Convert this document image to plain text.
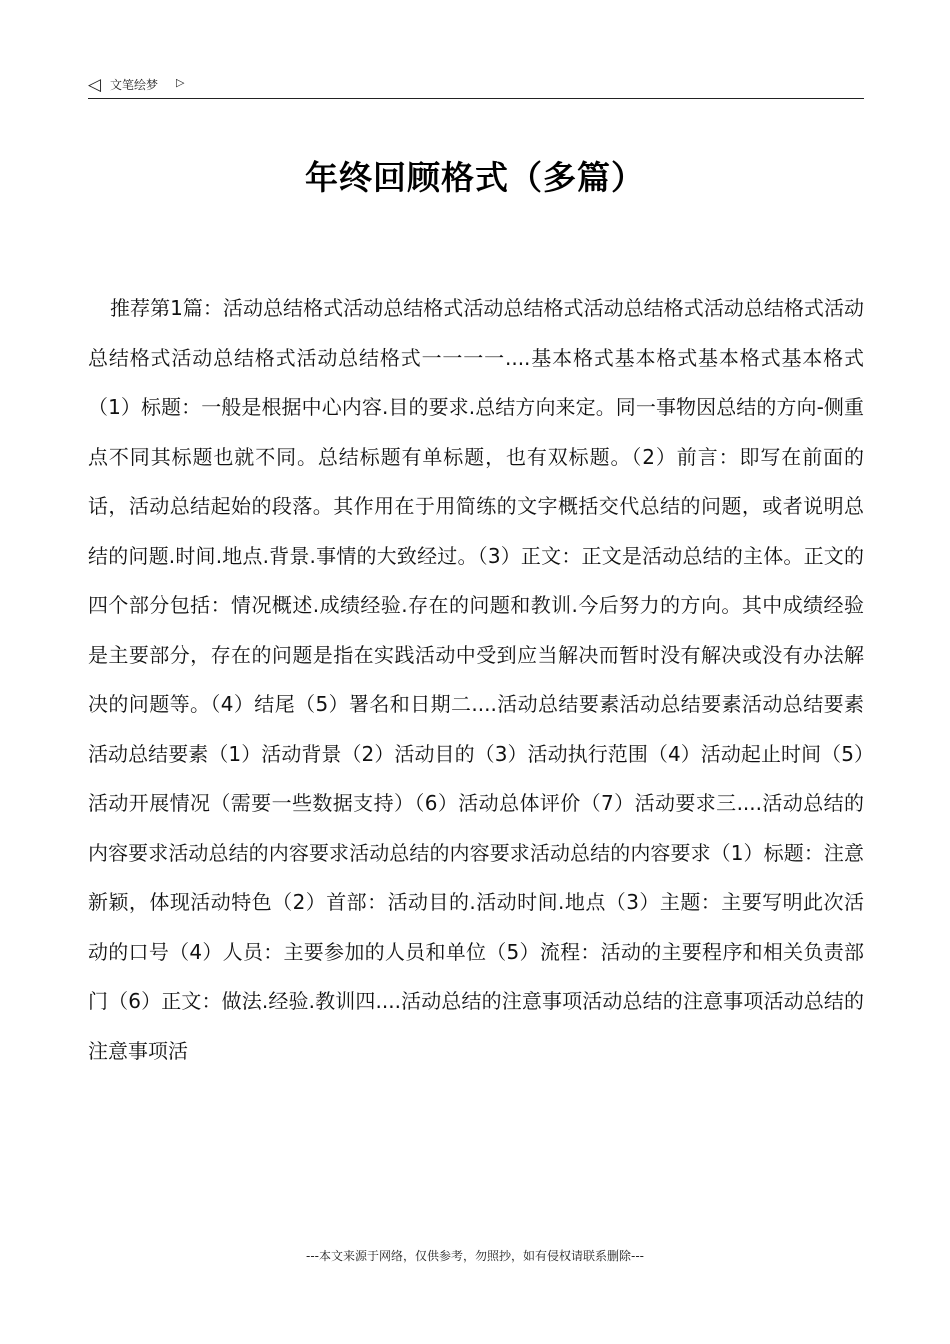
◁ 文笔绘梦 ▷
年终回顾格式（多篇）
推荐第1篇：活动总结格式活动总结格式活动总结格式活动总结格式活动总结格式活动总结格式活动总结格式活动总结格式一一一一....基本格式基本格式基本格式基本格式（1）标题：一般是根据中心内容.目的要求.总结方向来定。同一事物因总结的方向-侧重点不同其标题也就不同。总结标题有单标题，也有双标题。（2）前言：即写在前面的话，活动总结起始的段落。其作用在于用简练的文字概括交代总结的问题，或者说明总结的问题.时间.地点.背景.事情的大致经过。（3）正文：正文是活动总结的主体。正文的四个部分包括：情况概述.成绩经验.存在的问题和教训.今后努力的方向。其中成绩经验是主要部分，存在的问题是指在实践活动中受到应当解决而暂时没有解决或没有办法解决的问题等。（4）结尾（5）署名和日期二....活动总结要素活动总结要素活动总结要素活动总结要素（1）活动背景（2）活动目的（3）活动执行范围（4）活动起止时间（5）活动开展情况（需要一些数据支持）（6）活动总体评价（7）活动要求三....活动总结的内容要求活动总结的内容要求活动总结的内容要求活动总结的内容要求（1）标题：注意新颖，体现活动特色（2）首部：活动目的.活动时间.地点（3）主题：主要写明此次活动的口号（4）人员：主要参加的人员和单位（5）流程：活动的主要程序和相关负责部门（6）正文：做法.经验.教训四....活动总结的注意事项活动总结的注意事项活动总结的注意事项活
---本文来源于网络，仅供参考，勿照抄，如有侵权请联系删除---
